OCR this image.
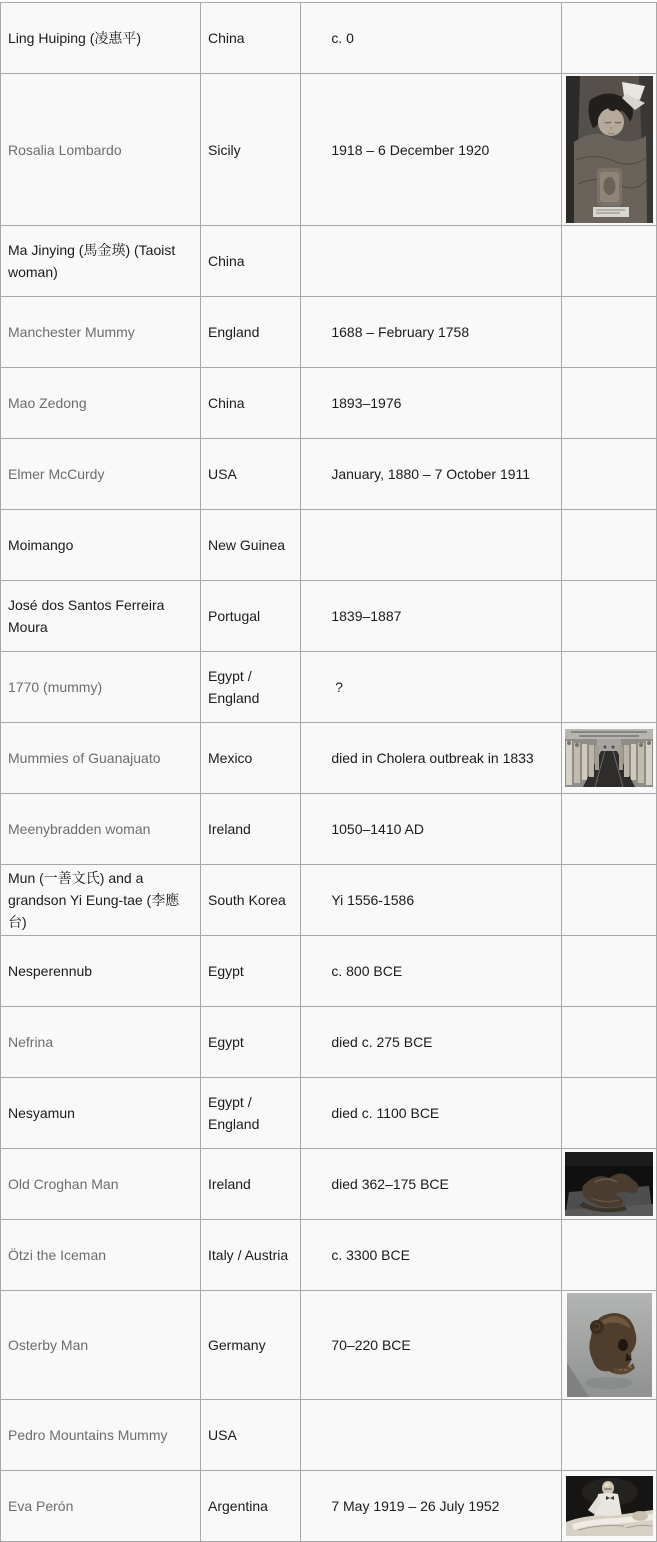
Ling Huiping (凌惠平)	China	c. 0

Rosalia Lombardo	Sicily	1918 – 6 December 1920

Ma Jinying (馬金瑛) (Taoist woman)	China	

Manchester Mummy	England	1688 – February 1758

Mao Zedong	China	1893–1976

Elmer McCurdy	USA	January, 1880 – 7 October 1911

Moimango	New Guinea	

José dos Santos Ferreira Moura	Portugal	1839–1887

1770 (mummy)	Egypt / England	?

Mummies of Guanajuato	Mexico	died in Cholera outbreak in 1833

Meenybradden woman	Ireland	1050–1410 AD

Mun (一善文氏) and a grandson Yi Eung-tae (李應台)	South Korea	Yi 1556-1586

Nesperennub	Egypt	c. 800 BCE

Nefrina	Egypt	died c. 275 BCE

Nesyamun	Egypt / England	died c. 1100 BCE

Old Croghan Man	Ireland	died 362–175 BCE

Ötzi the Iceman	Italy / Austria	c. 3300 BCE

Osterby Man	Germany	70–220 BCE

Pedro Mountains Mummy	USA	

Eva Perón	Argentina	7 May 1919 – 26 July 1952
